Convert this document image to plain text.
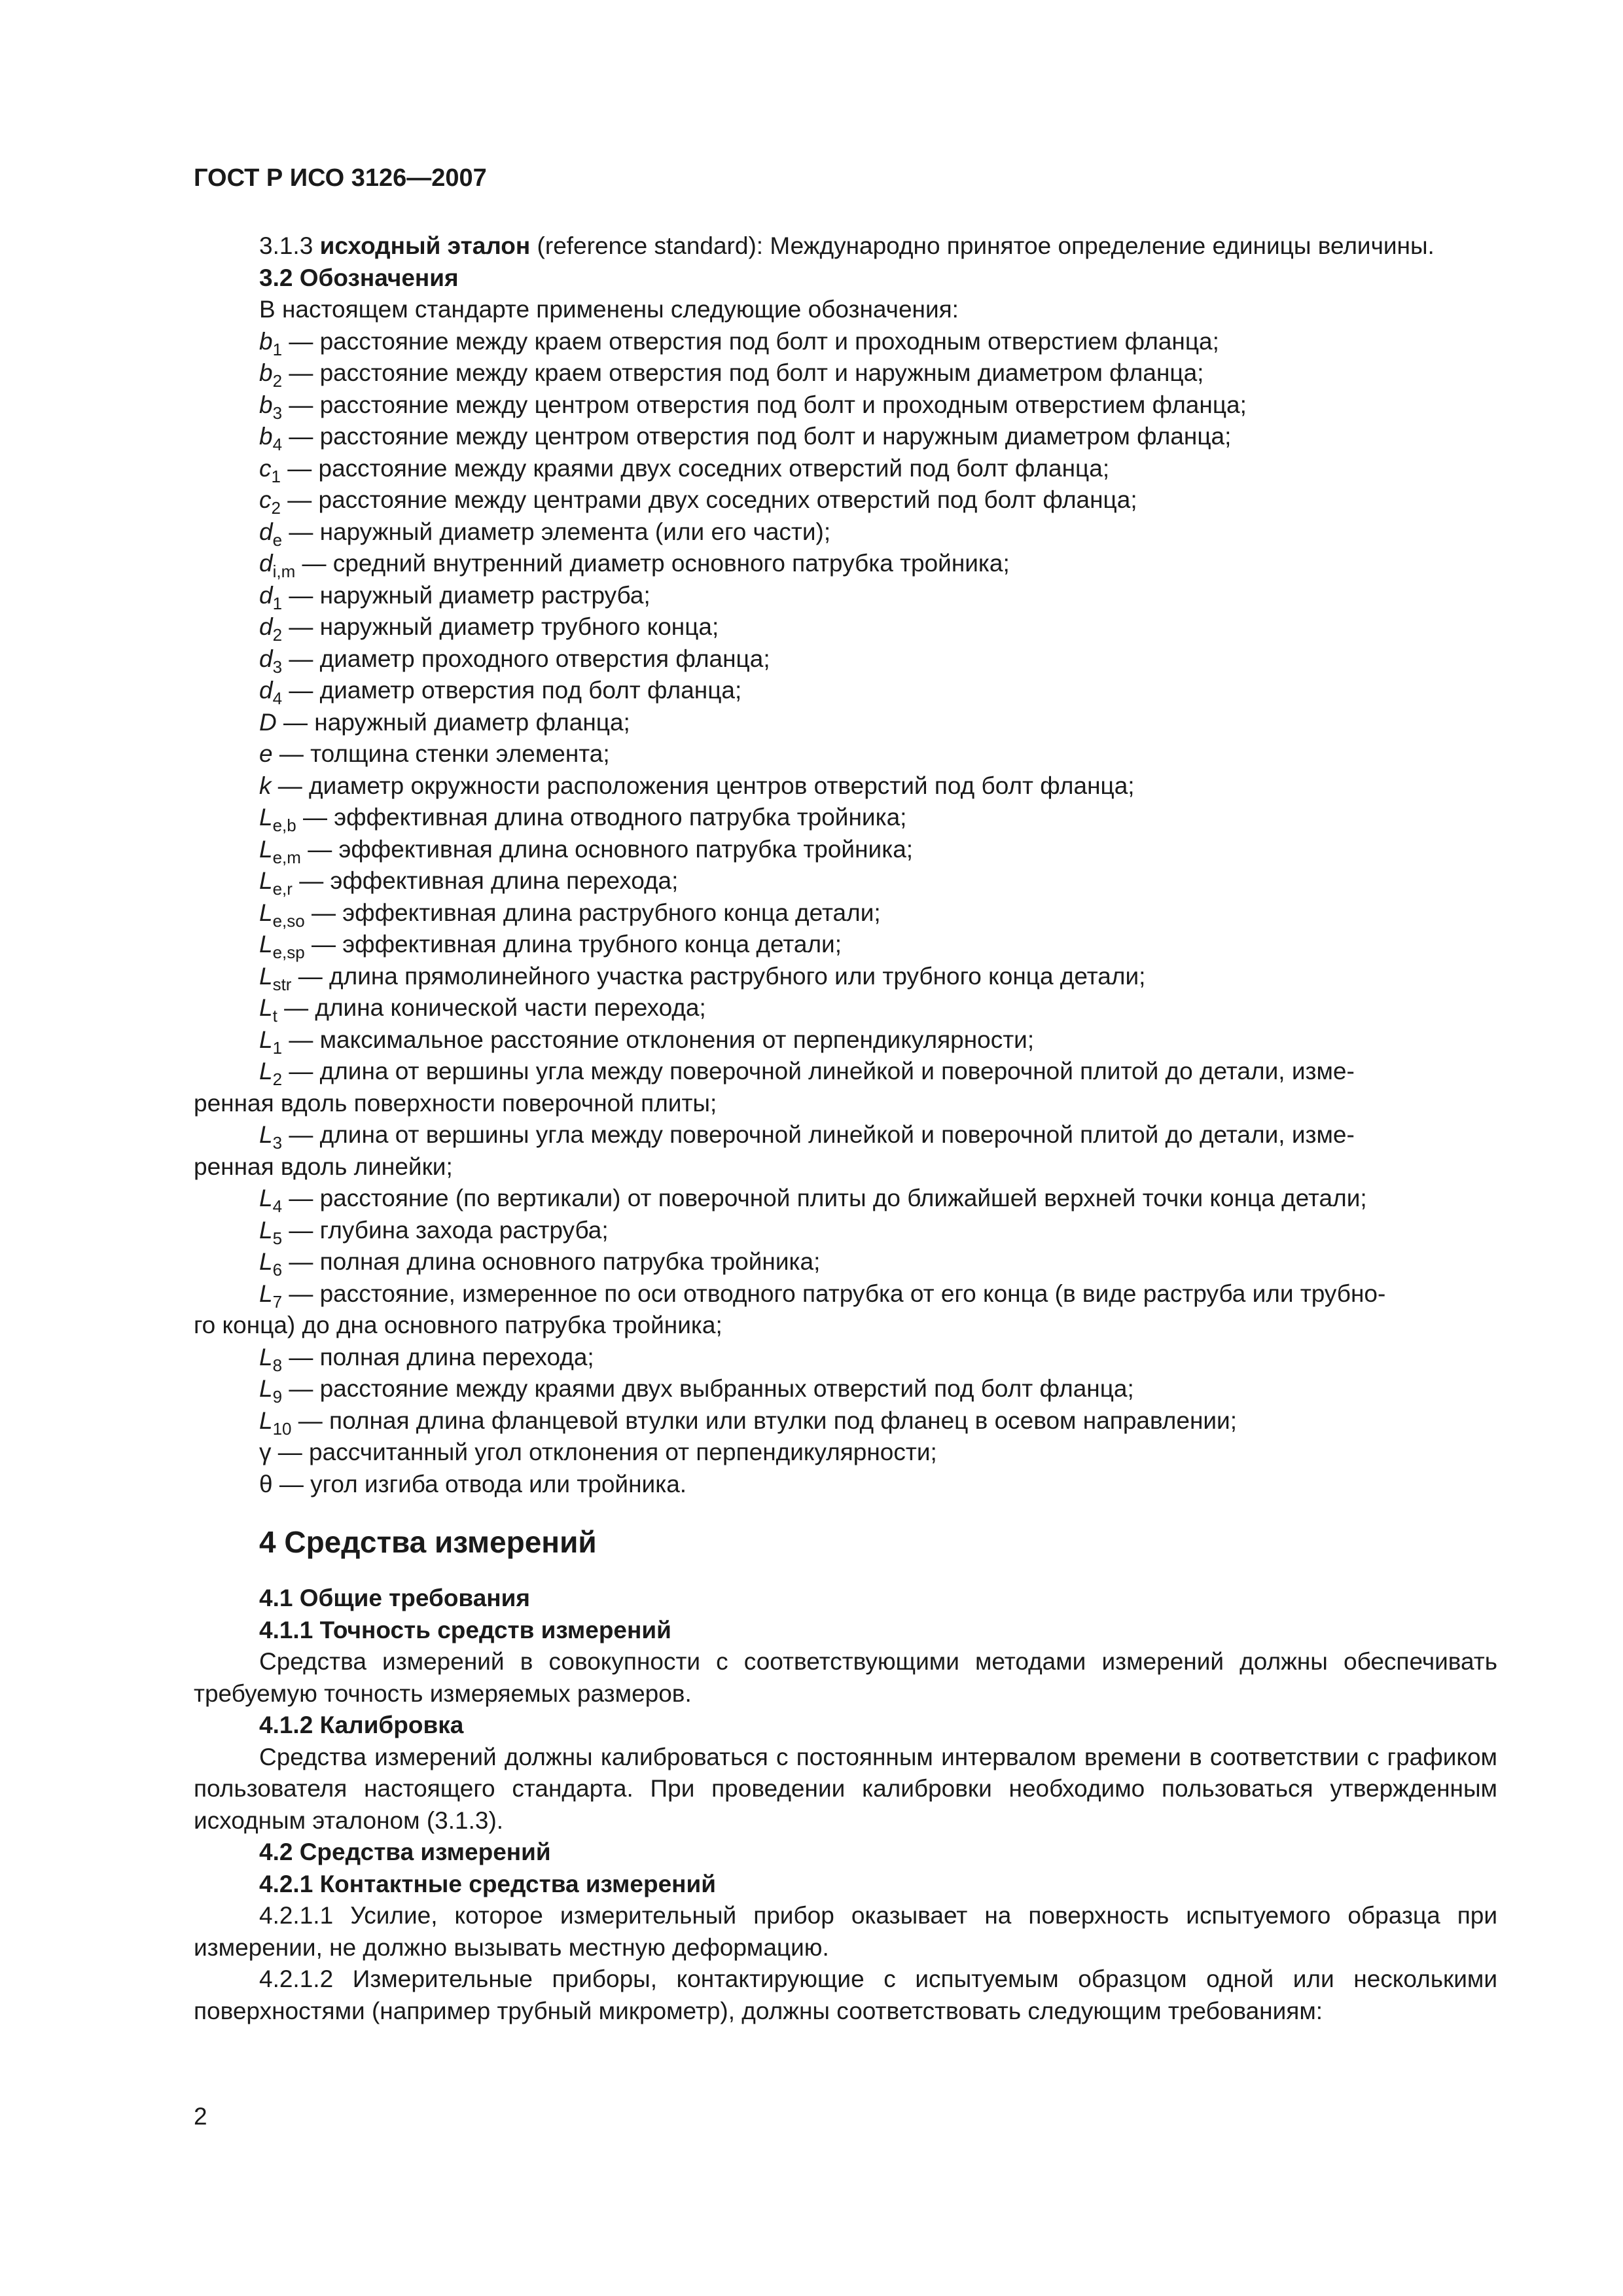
ГОСТ Р ИСО 3126—2007

3.1.3 исходный эталон (reference standard): Международно принятое определение единицы величины.

3.2 Обозначения

В настоящем стандарте применены следующие обозначения:

$b_1$ — расстояние между краем отверстия под болт и проходным отверстием фланца;

$b_2$ — расстояние между краем отверстия под болт и наружным диаметром фланца;

$b_3$ — расстояние между центром отверстия под болт и проходным отверстием фланца;

$b_4$ — расстояние между центром отверстия под болт и наружным диаметром фланца;

$c_1$ — расстояние между краями двух соседних отверстий под болт фланца;

$c_2$ — расстояние между центрами двух соседних отверстий под болт фланца;

$d_e$ — наружный диаметр элемента (или его части);

$d_{i,m}$ — средний внутренний диаметр основного патрубка тройника;

$d_1$ — наружный диаметр раструба;

$d_2$ — наружный диаметр трубного конца;

$d_3$ — диаметр проходного отверстия фланца;

$d_4$ — диаметр отверстия под болт фланца;

D — наружный диаметр фланца;

e — толщина стенки элемента;

k — диаметр окружности расположения центров отверстий под болт фланца;

$L_{e,b}$ — эффективная длина отводного патрубка тройника;

$L_{e,m}$ — эффективная длина основного патрубка тройника;

$L_{e,r}$ — эффективная длина перехода;

$L_{e,so}$ — эффективная длина раструбного конца детали;

$L_{e,sp}$ — эффективная длина трубного конца детали;

$L_{str}$ — длина прямолинейного участка раструбного или трубного конца детали;

$L_t$ — длина конической части перехода;

$L_1$ — максимальное расстояние отклонения от перпендикулярности;

$L_2$ — длина от вершины угла между поверочной линейкой и поверочной плитой до детали, изме-

ренная вдоль поверхности поверочной плиты;

$L_3$ — длина от вершины угла между поверочной линейкой и поверочной плитой до детали, изме-

ренная вдоль линейки;

$L_4$ — расстояние (по вертикали) от поверочной плиты до ближайшей верхней точки конца детали;

$L_5$ — глубина захода раструба;

$L_6$ — полная длина основного патрубка тройника;

$L_7$ — расстояние, измеренное по оси отводного патрубка от его конца (в виде раструба или трубно-

го конца) до дна основного патрубка тройника;

$L_8$ — полная длина перехода;

$L_9$ — расстояние между краями двух выбранных отверстий под болт фланца;

$L_{10}$ — полная длина фланцевой втулки или втулки под фланец в осевом направлении;

γ — рассчитанный угол отклонения от перпендикулярности;

θ — угол изгиба отвода или тройника.

4 Средства измерений

4.1 Общие требования

4.1.1 Точность средств измерений

Средства измерений в совокупности с соответствующими методами измерений должны обеспечивать требуемую точность измеряемых размеров.

4.1.2 Калибровка

Средства измерений должны калиброваться с постоянным интервалом времени в соответствии с графиком пользователя настоящего стандарта. При проведении калибровки необходимо пользоваться утвержденным исходным эталоном (3.1.3).

4.2 Средства измерений

4.2.1 Контактные средства измерений

4.2.1.1 Усилие, которое измерительный прибор оказывает на поверхность испытуемого образца при измерении, не должно вызывать местную деформацию.

4.2.1.2 Измерительные приборы, контактирующие с испытуемым образцом одной или несколькими поверхностями (например трубный микрометр), должны соответствовать следующим требованиям:

2
